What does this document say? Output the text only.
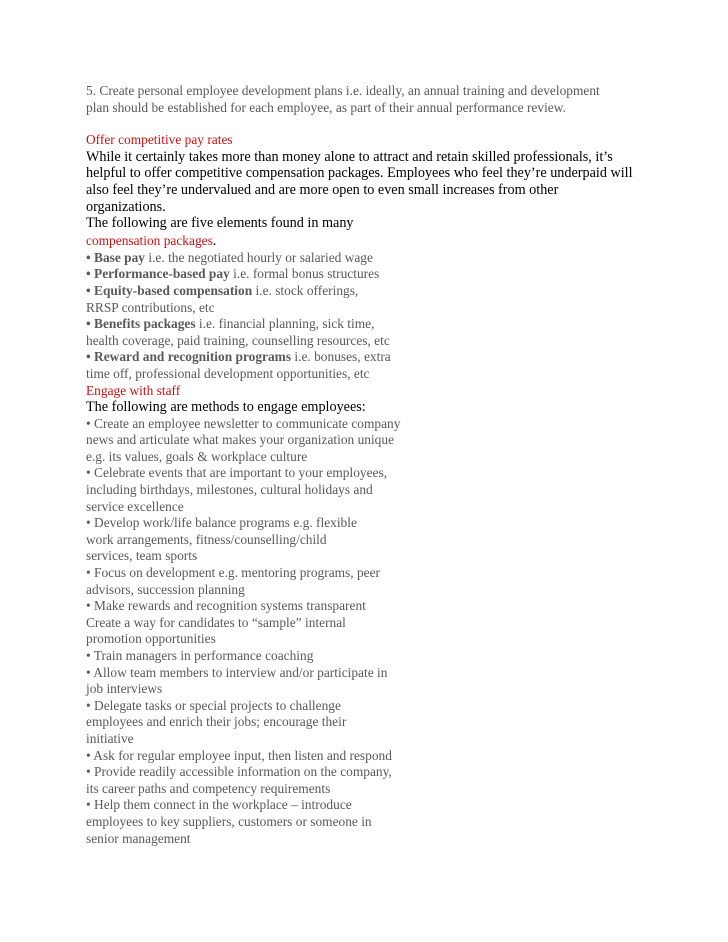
5. Create personal employee development plans i.e. ideally, an annual training and development
plan should be established for each employee, as part of their annual performance review.
Offer competitive pay rates
While it certainly takes more than money alone to attract and retain skilled professionals, it’s
helpful to offer competitive compensation packages. Employees who feel they’re underpaid will
also feel they’re undervalued and are more open to even small increases from other
organizations.
The following are five elements found in many
compensation packages.
• Base pay i.e. the negotiated hourly or salaried wage
• Performance-based pay i.e. formal bonus structures
• Equity-based compensation i.e. stock offerings,
RRSP contributions, etc
• Benefits packages i.e. financial planning, sick time,
health coverage, paid training, counselling resources, etc
• Reward and recognition programs i.e. bonuses, extra
time off, professional development opportunities, etc
Engage with staff
The following are methods to engage employees:
• Create an employee newsletter to communicate company
news and articulate what makes your organization unique
e.g. its values, goals & workplace culture
• Celebrate events that are important to your employees,
including birthdays, milestones, cultural holidays and
service excellence
• Develop work/life balance programs e.g. flexible
work arrangements, fitness/counselling/child
services, team sports
• Focus on development e.g. mentoring programs, peer
advisors, succession planning
• Make rewards and recognition systems transparent
Create a way for candidates to “sample” internal
promotion opportunities
• Train managers in performance coaching
• Allow team members to interview and/or participate in
job interviews
• Delegate tasks or special projects to challenge
employees and enrich their jobs; encourage their
initiative
• Ask for regular employee input, then listen and respond
• Provide readily accessible information on the company,
its career paths and competency requirements
• Help them connect in the workplace – introduce
employees to key suppliers, customers or someone in
senior management
